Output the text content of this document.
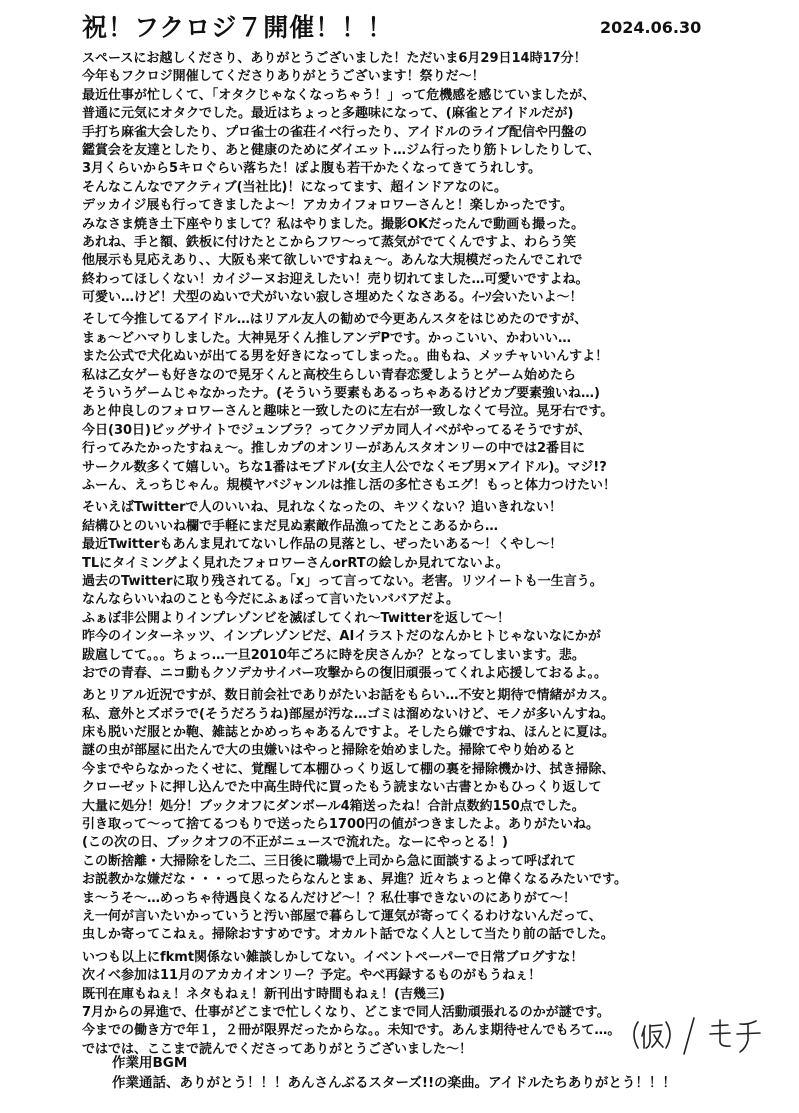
祝！フクロジ７開催！！！	2024.06.30
スペースにお越しくださり、ありがとうございました！ただいま6月29日14時17分！
今年もフクロジ開催してくださりありがとうございます！祭りだ〜！
最近仕事が忙しくて、「オタクじゃなくなっちゃう！」って危機感を感じていましたが、
普通に元気にオタクでした。最近はちょっと多趣味になって、(麻雀とアイドルだが)
手打ち麻雀大会したり、プロ雀士の雀荘イベ行ったり、アイドルのライブ配信や円盤の
鑑賞会を友達としたり、あと健康のためにダイエット…ジム行ったり筋トレしたりして、
3月くらいから5キロぐらい落ちた！ぽよ腹も若干かたくなってきてうれしす。
そんなこんなでアクティブ(当社比)！になってます、超インドアなのに。
デッカイジ展も行ってきましたよ〜！アカカイフォロワーさんと！楽しかったです。
みなさま焼き土下座やりまして？私はやりました。撮影OKだったんで動画も撮った。
あれね、手と額、鉄板に付けたとこからフワ〜って蒸気がでてくんですよ、わらう笑
他展示も見応えあり、、大阪も来て欲しいですねぇ〜。あんな大規模だったんでこれで
終わってほしくない！カイジーヌお迎えしたい！売り切れてました…可愛いですよね。
可愛い…けど！犬型のぬいで犬がいない寂しさ埋めたくなさある。ｲｰｿ会いたいよ〜！
そして今推してるアイドル…はリアル友人の勧めで今更あんスタをはじめたのですが、
まぁ〜どハマりしました。大神晃牙くん推しアンデPです。かっこいい、かわいい…
また公式で犬化ぬいが出てる男を好きになってしまった。。曲もね、メッチャいいんすよ！
私は乙女ゲーも好きなので晃牙くんと高校生らしい青春恋愛しようとゲーム始めたら
そういうゲームじゃなかったナ。(そういう要素もあるっちゃあるけどカプ要素強いね…)
あと仲良しのフォロワーさんと趣味と一致したのに左右が一致しなくて号泣。晃牙右です。
今日(30日)ビッグサイトでジュンブラ？ってクソデカ同人イベがやってるそうですが、
行ってみたかったすねぇ〜。推しカプのオンリーがあんスタオンリーの中では2番目に
サークル数多くて嬉しい。ちな1番はモブドル(女主人公でなくモブ男×アイドル)。マジ!?
ふーん、えっちじゃん。規模ヤバジャンルは推し活の多忙さもエグ！もっと体力つけたい！
そいえばTwitterで人のいいね、見れなくなったの、キツくない？追いきれない！
結構ひとのいいね欄で手軽にまだ見ぬ素敵作品漁ってたとこあるから…
最近Twitterもあんま見れてないし作品の見落とし、ぜったいある〜！くやし〜！
TLにタイミングよく見れたフォロワーさんorRTの絵しか見れてないよ。
過去のTwitterに取り残されてる。「x」って言ってない。老害。リツイートも一生言う。
なんならいいねのことも今だにふぁぼって言いたいババアだよ。
ふぁぼ非公開よりインプレゾンビを滅ぼしてくれ〜Twitterを返して〜！
昨今のインターネッツ、インプレゾンビだ、AIイラストだのなんかヒトじゃないなにかが
跋扈してて。。。ちょっ…一旦2010年ごろに時を戻さんか？となってしまいます。悲。
おでの青春、ニコ動もクソデカサイバー攻撃からの復旧頑張ってくれよ応援しておるよ。。
あとリアル近況ですが、数日前会社でありがたいお話をもらい…不安と期待で情緒がカス。
私、意外とズボラで(そうだろうね)部屋が汚な…ゴミは溜めないけど、モノが多いんすね。
床も脱いだ服とか鞄、雑誌とかめっちゃあるんですよ。そしたら嫌ですね、ほんとに夏は。
謎の虫が部屋に出たんで大の虫嫌いはやっと掃除を始めました。掃除てやり始めると
今までやらなかったくせに、覚醒して本棚ひっくり返して棚の裏を掃除機かけ、拭き掃除、
クローゼットに押し込んでた中高生時代に買ったもう読まない古書とかもひっくり返して
大量に処分！処分！ブックオフにダンボール4箱送ったね！合計点数約150点でした。
引き取って〜って捨てるつもりで送ったら1700円の値がつきましたよ。ありがたいね。
(この次の日、ブックオフの不正がニュースで流れた。なーにやっとる！)
この断捨離・大掃除をした二、三日後に職場で上司から急に面談するよって呼ばれて
お説教かな嫌だな・・・って思ったらなんとまぁ、昇進？近々ちょっと偉くなるみたいです。
ま〜うそ〜…めっちゃ待遇良くなるんだけど〜！？私仕事できないのにありがて〜！
え一何が言いたいかっていうと汚い部屋で暮らして運気が寄ってくるわけないんだって、
虫しか寄ってこねぇ。掃除おすすめです。オカルト話でなく人として当たり前の話でした。
いつも以上にfkmt関係ない雑談しかしてない。イベントペーパーで日常ブログすな！
次イベ参加は11月のアカカイオンリー？予定。やべ再録するものがもうねぇ！
既刊在庫もねぇ！ネタもねぇ！新刊出す時間もねぇ！(吉幾三)
7月からの昇進で、仕事がどこまで忙しくなり、どこまで同人活動頑張れるのかが謎です。
今までの働き方で年１，２冊が限界だったからな。。未知です。あんま期待せんでもろて…。
ではでは、ここまで読んでくださってありがとうございました〜！
作業用BGM
作業通話、ありがとう！！！あんさんぶるスターズ!!の楽曲。アイドルたちありがとう！！！
